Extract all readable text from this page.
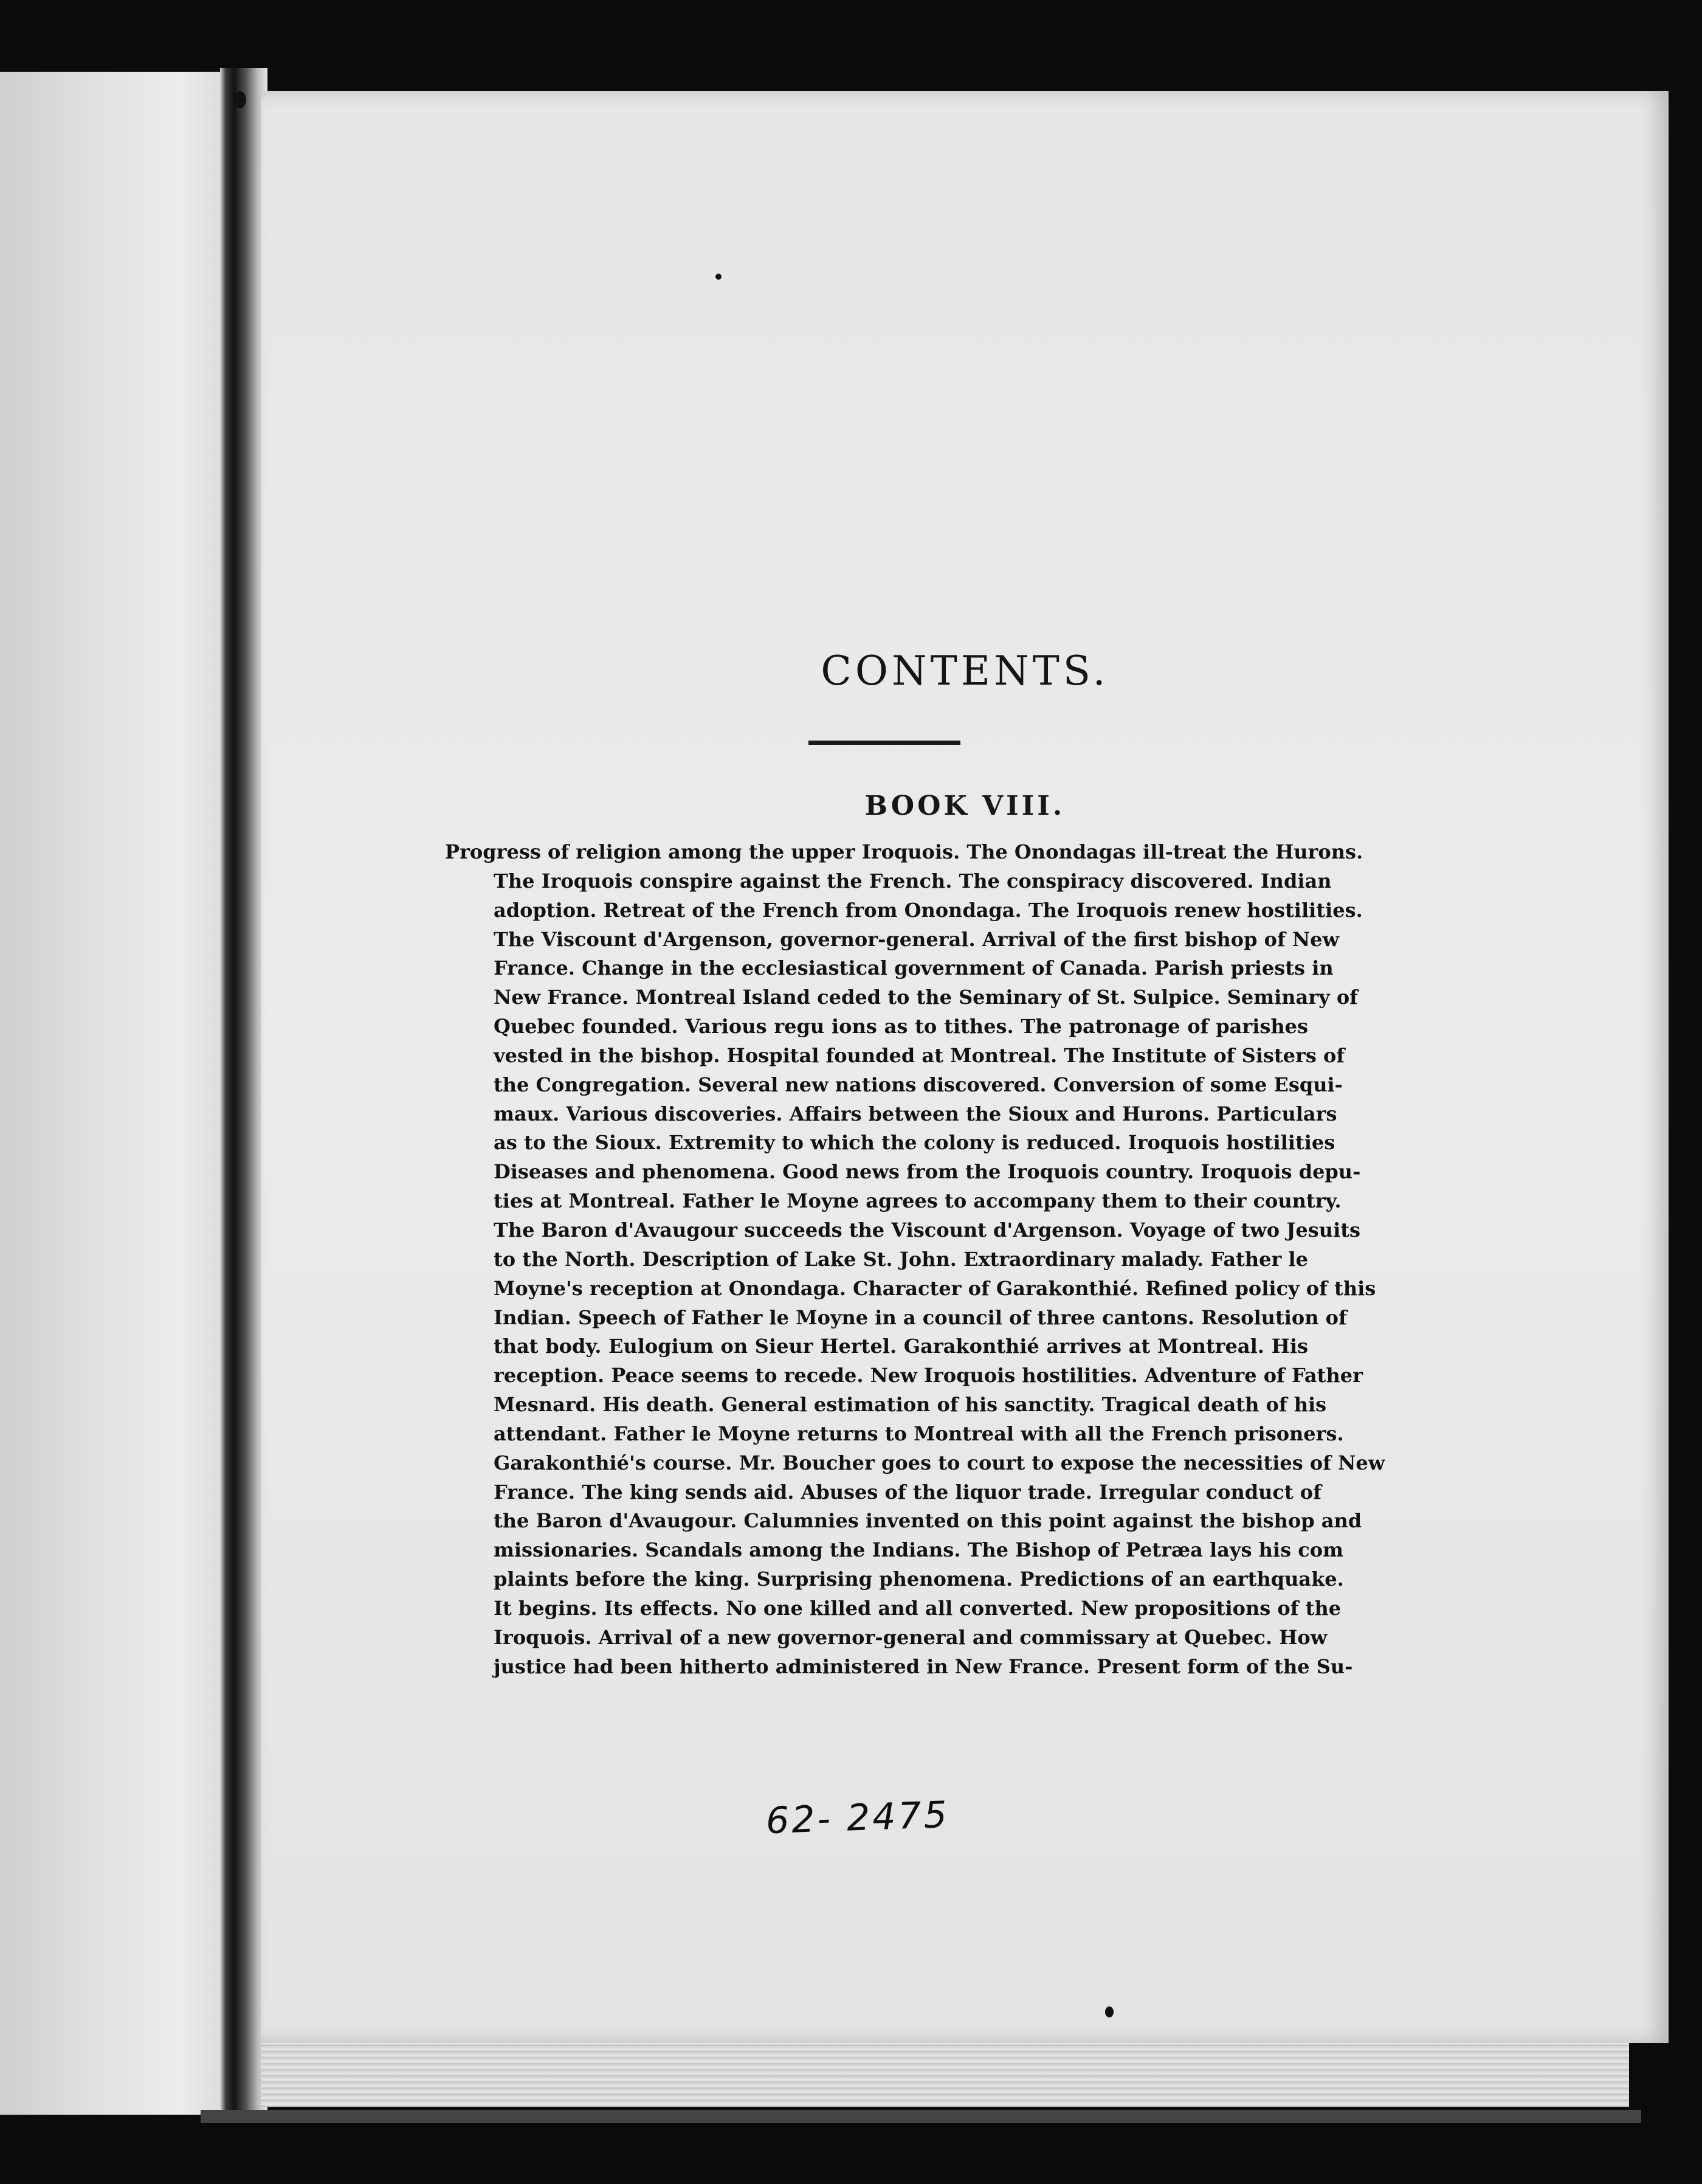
CONTENTS.
BOOK VIII.
Progress of religion among the upper Iroquois. The Onondagas ill-treat the Hurons.
The Iroquois conspire against the French. The conspiracy discovered. Indian
adoption. Retreat of the French from Onondaga. The Iroquois renew hostilities.
The Viscount d'Argenson, governor-general. Arrival of the first bishop of New
France. Change in the ecclesiastical government of Canada. Parish priests in
New France. Montreal Island ceded to the Seminary of St. Sulpice. Seminary of
Quebec founded. Various regu ions as to tithes. The patronage of parishes
vested in the bishop. Hospital founded at Montreal. The Institute of Sisters of
the Congregation. Several new nations discovered. Conversion of some Esqui-
maux. Various discoveries. Affairs between the Sioux and Hurons. Particulars
as to the Sioux. Extremity to which the colony is reduced. Iroquois hostilities
Diseases and phenomena. Good news from the Iroquois country. Iroquois depu-
ties at Montreal. Father le Moyne agrees to accompany them to their country.
The Baron d'Avaugour succeeds the Viscount d'Argenson. Voyage of two Jesuits
to the North. Description of Lake St. John. Extraordinary malady. Father le
Moyne's reception at Onondaga. Character of Garakonthié. Refined policy of this
Indian. Speech of Father le Moyne in a council of three cantons. Resolution of
that body. Eulogium on Sieur Hertel. Garakonthié arrives at Montreal. His
reception. Peace seems to recede. New Iroquois hostilities. Adventure of Father
Mesnard. His death. General estimation of his sanctity. Tragical death of his
attendant. Father le Moyne returns to Montreal with all the French prisoners.
Garakonthié's course. Mr. Boucher goes to court to expose the necessities of New
France. The king sends aid. Abuses of the liquor trade. Irregular conduct of
the Baron d'Avaugour. Calumnies invented on this point against the bishop and
missionaries. Scandals among the Indians. The Bishop of Petræa lays his com
plaints before the king. Surprising phenomena. Predictions of an earthquake.
It begins. Its effects. No one killed and all converted. New propositions of the
Iroquois. Arrival of a new governor-general and commissary at Quebec. How
justice had been hitherto administered in New France. Present form of the Su-
62- 2475
